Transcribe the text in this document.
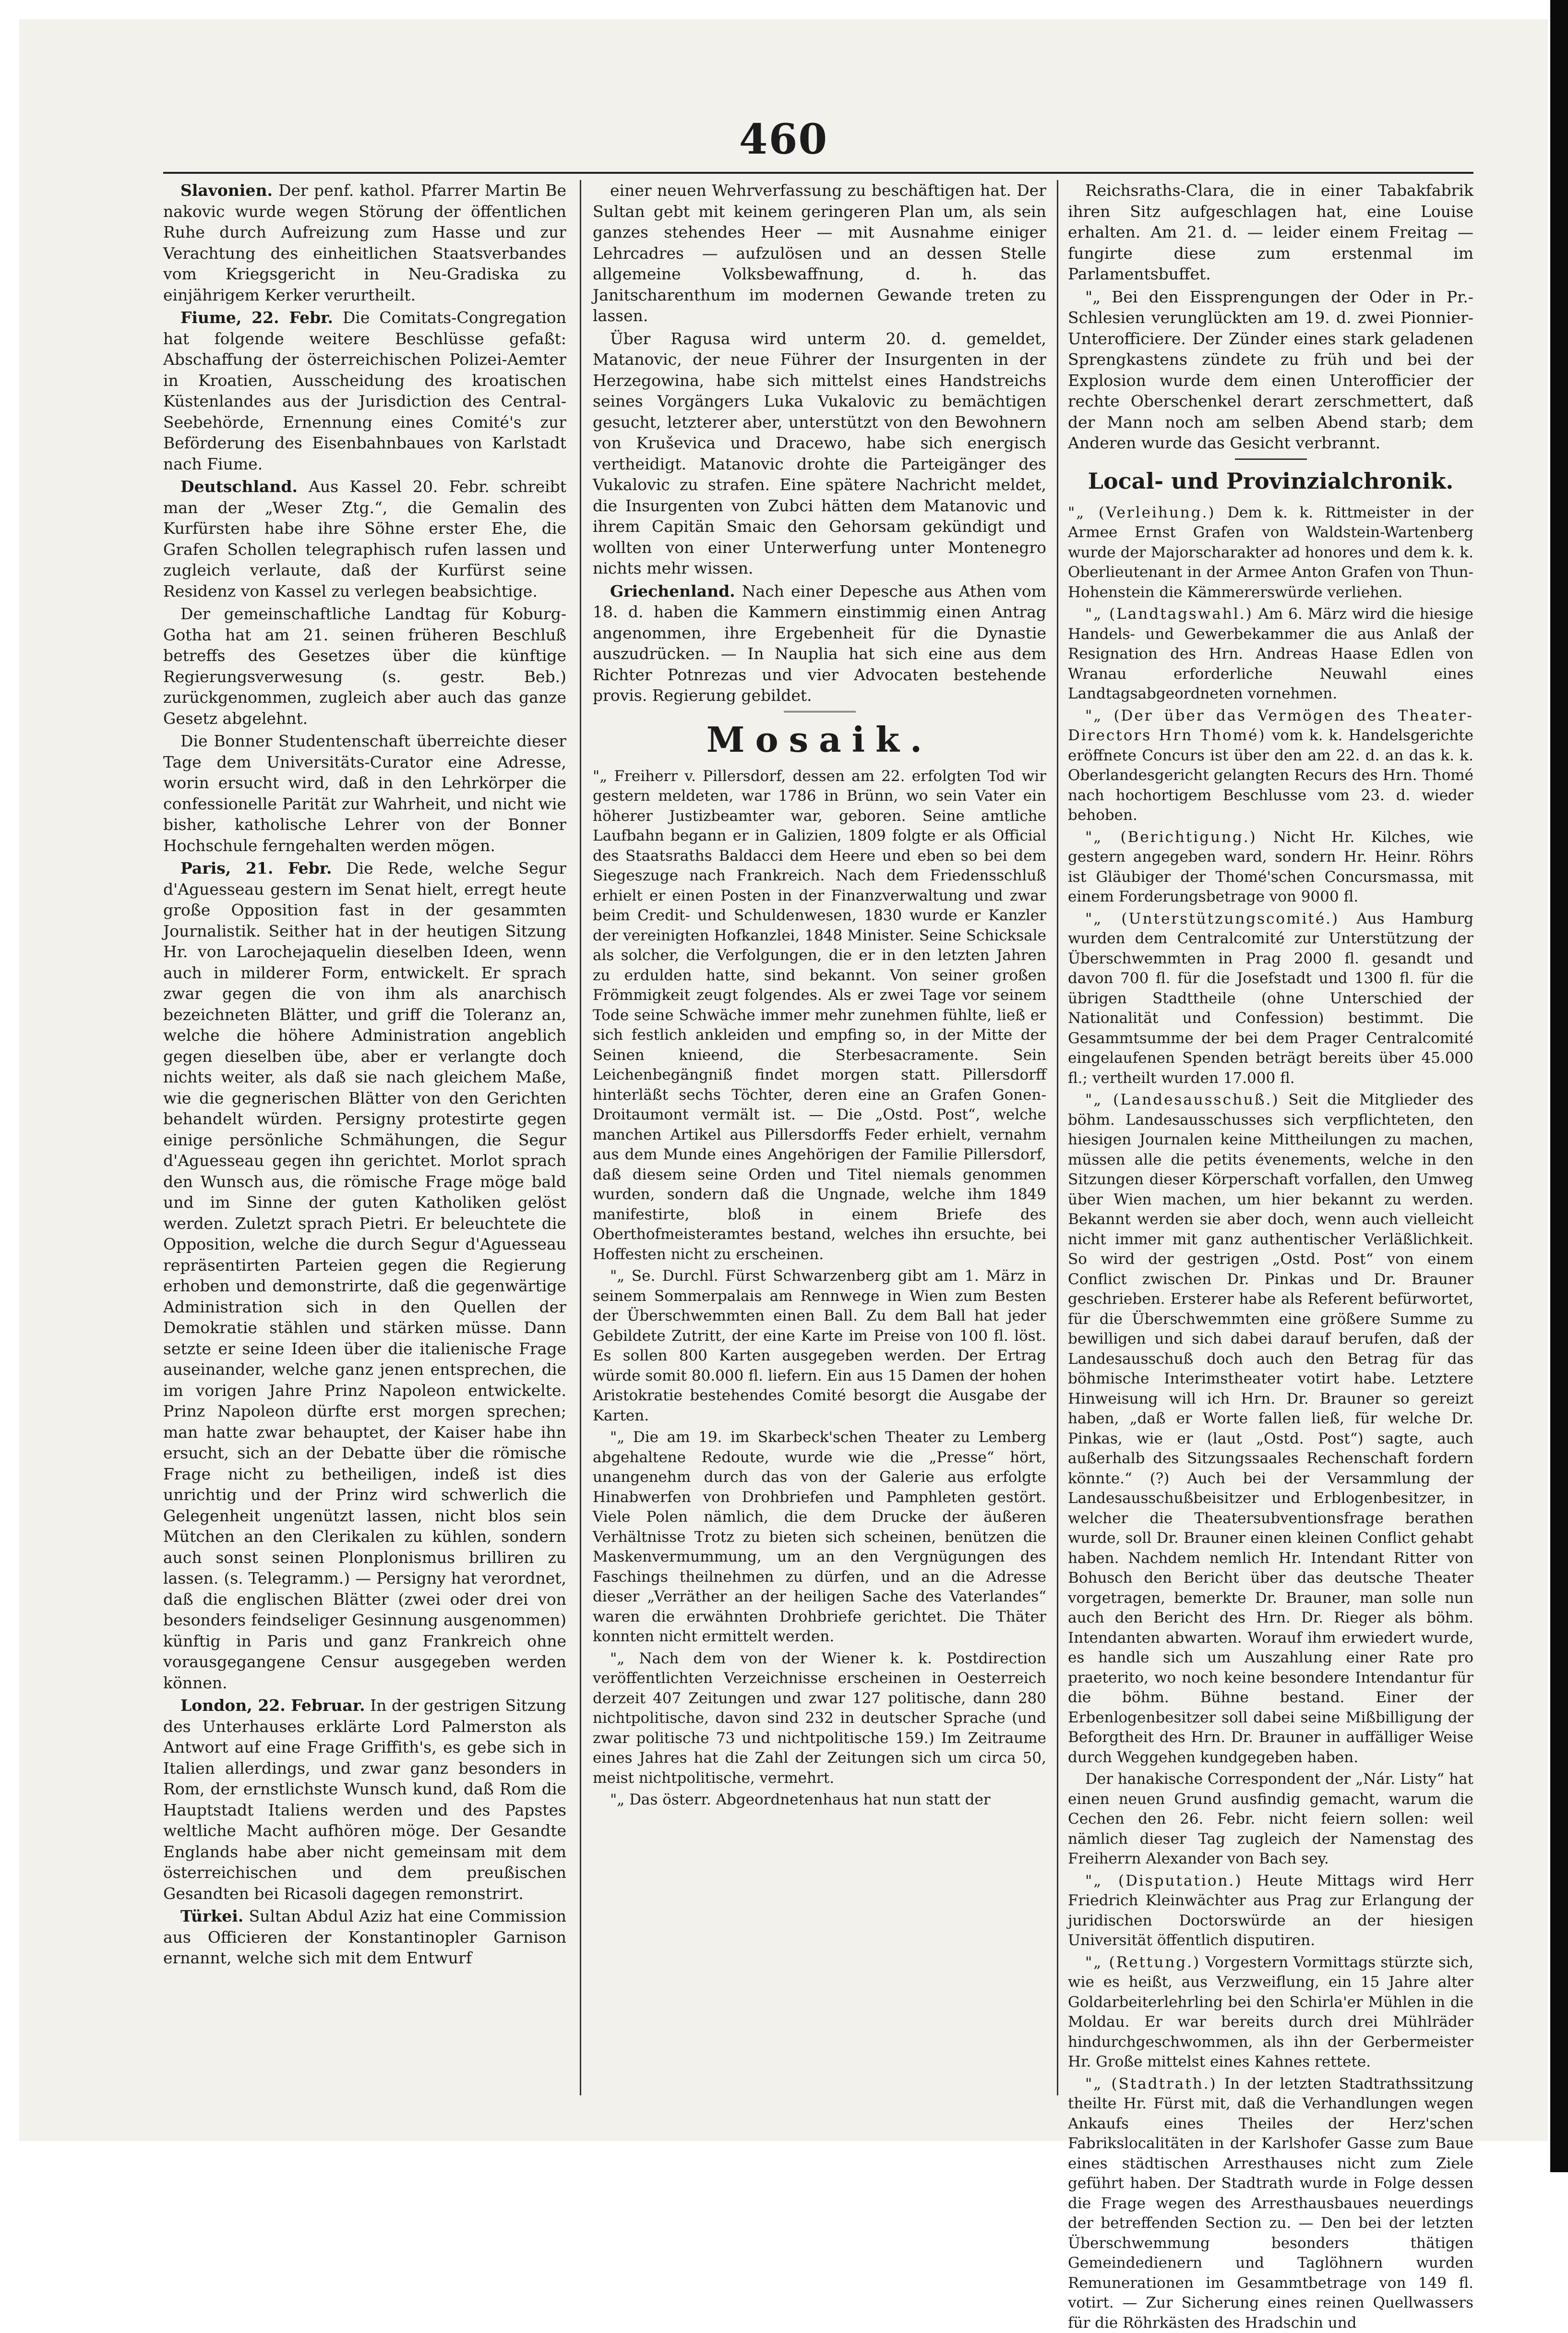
460

Slavonien. Der penf. kathol. Pfarrer Martin Be nakovic wurde wegen Störung der öffentlichen Ruhe durch Aufreizung zum Hasse und zur Verachtung des einheitlichen Staatsverbandes vom Kriegsgericht in Neu-Gradiska zu einjährigem Kerker verurtheilt.

Fiume, 22. Febr. Die Comitats-Congregation hat folgende weitere Beschlüsse gefaßt: Abschaffung der österreichischen Polizei-Aemter in Kroatien, Ausscheidung des kroatischen Küstenlandes aus der Jurisdiction des Central-Seebehörde, Ernennung eines Comité's zur Beförderung des Eisenbahnbaues von Karlstadt nach Fiume.

Deutschland. Aus Kassel 20. Febr. schreibt man der „Weser Ztg.“, die Gemalin des Kurfürsten habe ihre Söhne erster Ehe, die Grafen Schollen telegraphisch rufen lassen und zugleich verlaute, daß der Kurfürst seine Residenz von Kassel zu verlegen beabsichtige.

Der gemeinschaftliche Landtag für Koburg-Gotha hat am 21. seinen früheren Beschluß betreffs des Gesetzes über die künftige Regierungsverwesung (s. gestr. Beb.) zurückgenommen, zugleich aber auch das ganze Gesetz abgelehnt.

Die Bonner Studentenschaft überreichte dieser Tage dem Universitäts-Curator eine Adresse, worin ersucht wird, daß in den Lehrkörper die confessionelle Parität zur Wahrheit, und nicht wie bisher, katholische Lehrer von der Bonner Hochschule ferngehalten werden mögen.

Paris, 21. Febr. Die Rede, welche Segur d'Aguesseau gestern im Senat hielt, erregt heute große Opposition fast in der gesammten Journalistik. Seither hat in der heutigen Sitzung Hr. von Larochejaquelin dieselben Ideen, wenn auch in milderer Form, entwickelt. Er sprach zwar gegen die von ihm als anarchisch bezeichneten Blätter, und griff die Toleranz an, welche die höhere Administration angeblich gegen dieselben übe, aber er verlangte doch nichts weiter, als daß sie nach gleichem Maße, wie die gegnerischen Blätter von den Gerichten behandelt würden. Persigny protestirte gegen einige persönliche Schmähungen, die Segur d'Aguesseau gegen ihn gerichtet. Morlot sprach den Wunsch aus, die römische Frage möge bald und im Sinne der guten Katholiken gelöst werden. Zuletzt sprach Pietri. Er beleuchtete die Opposition, welche die durch Segur d'Aguesseau repräsentirten Parteien gegen die Regierung erhoben und demonstrirte, daß die gegenwärtige Administration sich in den Quellen der Demokratie stählen und stärken müsse. Dann setzte er seine Ideen über die italienische Frage auseinander, welche ganz jenen entsprechen, die im vorigen Jahre Prinz Napoleon entwickelte. Prinz Napoleon dürfte erst morgen sprechen; man hatte zwar behauptet, der Kaiser habe ihn ersucht, sich an der Debatte über die römische Frage nicht zu betheiligen, indeß ist dies unrichtig und der Prinz wird schwerlich die Gelegenheit ungenützt lassen, nicht blos sein Mütchen an den Clerikalen zu kühlen, sondern auch sonst seinen Plonplonismus brilliren zu lassen. (s. Telegramm.) — Persigny hat verordnet, daß die englischen Blätter (zwei oder drei von besonders feindseliger Gesinnung ausgenommen) künftig in Paris und ganz Frankreich ohne vorausgegangene Censur ausgegeben werden können.

London, 22. Februar. In der gestrigen Sitzung des Unterhauses erklärte Lord Palmerston als Antwort auf eine Frage Griffith's, es gebe sich in Italien allerdings, und zwar ganz besonders in Rom, der ernstlichste Wunsch kund, daß Rom die Hauptstadt Italiens werden und des Papstes weltliche Macht aufhören möge. Der Gesandte Englands habe aber nicht gemeinsam mit dem österreichischen und dem preußischen Gesandten bei Ricasoli dagegen remonstrirt.

Türkei. Sultan Abdul Aziz hat eine Commission aus Officieren der Konstantinopler Garnison ernannt, welche sich mit dem Entwurf

einer neuen Wehrverfassung zu beschäftigen hat. Der Sultan gebt mit keinem geringeren Plan um, als sein ganzes stehendes Heer — mit Ausnahme einiger Lehrcadres — aufzulösen und an dessen Stelle allgemeine Volksbewaffnung, d. h. das Janitscharenthum im modernen Gewande treten zu lassen.

Über Ragusa wird unterm 20. d. gemeldet, Matanovic, der neue Führer der Insurgenten in der Herzegowina, habe sich mittelst eines Handstreichs seines Vorgängers Luka Vukalovic zu bemächtigen gesucht, letzterer aber, unterstützt von den Bewohnern von Kruševica und Dracewo, habe sich energisch vertheidigt. Matanovic drohte die Parteigänger des Vukalovic zu strafen. Eine spätere Nachricht meldet, die Insurgenten von Zubci hätten dem Matanovic und ihrem Capitän Smaic den Gehorsam gekündigt und wollten von einer Unterwerfung unter Montenegro nichts mehr wissen.

Griechenland. Nach einer Depesche aus Athen vom 18. d. haben die Kammern einstimmig einen Antrag angenommen, ihre Ergebenheit für die Dynastie auszudrücken. — In Nauplia hat sich eine aus dem Richter Potnrezas und vier Advocaten bestehende provis. Regierung gebildet.

Mosaik.

"„ Freiherr v. Pillersdorf, dessen am 22. erfolgten Tod wir gestern meldeten, war 1786 in Brünn, wo sein Vater ein höherer Justizbeamter war, geboren. Seine amtliche Laufbahn begann er in Galizien, 1809 folgte er als Official des Staatsraths Baldacci dem Heere und eben so bei dem Siegeszuge nach Frankreich. Nach dem Friedensschluß erhielt er einen Posten in der Finanzverwaltung und zwar beim Credit- und Schuldenwesen, 1830 wurde er Kanzler der vereinigten Hofkanzlei, 1848 Minister. Seine Schicksale als solcher, die Verfolgungen, die er in den letzten Jahren zu erdulden hatte, sind bekannt. Von seiner großen Frömmigkeit zeugt folgendes. Als er zwei Tage vor seinem Tode seine Schwäche immer mehr zunehmen fühlte, ließ er sich festlich ankleiden und empfing so, in der Mitte der Seinen knieend, die Sterbesacramente. Sein Leichenbegängniß findet morgen statt. Pillersdorff hinterläßt sechs Töchter, deren eine an Grafen Gonen-Droitaumont vermält ist. — Die „Ostd. Post“, welche manchen Artikel aus Pillersdorffs Feder erhielt, vernahm aus dem Munde eines Angehörigen der Familie Pillersdorf, daß diesem seine Orden und Titel niemals genommen wurden, sondern daß die Ungnade, welche ihm 1849 manifestirte, bloß in einem Briefe des Oberthofmeisteramtes bestand, welches ihn ersuchte, bei Hoffesten nicht zu erscheinen.

"„ Se. Durchl. Fürst Schwarzenberg gibt am 1. März in seinem Sommerpalais am Rennwege in Wien zum Besten der Überschwemmten einen Ball. Zu dem Ball hat jeder Gebildete Zutritt, der eine Karte im Preise von 100 fl. löst. Es sollen 800 Karten ausgegeben werden. Der Ertrag würde somit 80.000 fl. liefern. Ein aus 15 Damen der hohen Aristokratie bestehendes Comité besorgt die Ausgabe der Karten.

"„ Die am 19. im Skarbeck'schen Theater zu Lemberg abgehaltene Redoute, wurde wie die „Presse“ hört, unangenehm durch das von der Galerie aus erfolgte Hinabwerfen von Drohbriefen und Pamphleten gestört. Viele Polen nämlich, die dem Drucke der äußeren Verhältnisse Trotz zu bieten sich scheinen, benützen die Maskenvermummung, um an den Vergnügungen des Faschings theilnehmen zu dürfen, und an die Adresse dieser „Verräther an der heiligen Sache des Vaterlandes“ waren die erwähnten Drohbriefe gerichtet. Die Thäter konnten nicht ermittelt werden.

"„ Nach dem von der Wiener k. k. Postdirection veröffentlichten Verzeichnisse erscheinen in Oesterreich derzeit 407 Zeitungen und zwar 127 politische, dann 280 nichtpolitische, davon sind 232 in deutscher Sprache (und zwar politische 73 und nichtpolitische 159.) Im Zeitraume eines Jahres hat die Zahl der Zeitungen sich um circa 50, meist nichtpolitische, vermehrt.

"„ Das österr. Abgeordnetenhaus hat nun statt der

Reichsraths-Clara, die in einer Tabakfabrik ihren Sitz aufgeschlagen hat, eine Louise erhalten. Am 21. d. — leider einem Freitag — fungirte diese zum erstenmal im Parlamentsbuffet.

"„ Bei den Eissprengungen der Oder in Pr.-Schlesien verunglückten am 19. d. zwei Pionnier-Unterofficiere. Der Zünder eines stark geladenen Sprengkastens zündete zu früh und bei der Explosion wurde dem einen Unterofficier der rechte Oberschenkel derart zerschmettert, daß der Mann noch am selben Abend starb; dem Anderen wurde das Gesicht verbrannt.

Local- und Provinzialchronik.

"„ (Verleihung.) Dem k. k. Rittmeister in der Armee Ernst Grafen von Waldstein-Wartenberg wurde der Majorscharakter ad honores und dem k. k. Oberlieutenant in der Armee Anton Grafen von Thun-Hohenstein die Kämmererswürde verliehen.

"„ (Landtagswahl.) Am 6. März wird die hiesige Handels- und Gewerbekammer die aus Anlaß der Resignation des Hrn. Andreas Haase Edlen von Wranau erforderliche Neuwahl eines Landtagsabgeordneten vornehmen.

"„ (Der über das Vermögen des Theater-Directors Hrn Thomé) vom k. k. Handelsgerichte eröffnete Concurs ist über den am 22. d. an das k. k. Oberlandesgericht gelangten Recurs des Hrn. Thomé nach hochortigem Beschlusse vom 23. d. wieder behoben.

"„ (Berichtigung.) Nicht Hr. Kilches, wie gestern angegeben ward, sondern Hr. Heinr. Röhrs ist Gläubiger der Thomé'schen Concursmassa, mit einem Forderungsbetrage von 9000 fl.

"„ (Unterstützungscomité.) Aus Hamburg wurden dem Centralcomité zur Unterstützung der Überschwemmten in Prag 2000 fl. gesandt und davon 700 fl. für die Josefstadt und 1300 fl. für die übrigen Stadttheile (ohne Unterschied der Nationalität und Confession) bestimmt. Die Gesammtsumme der bei dem Prager Centralcomité eingelaufenen Spenden beträgt bereits über 45.000 fl.; vertheilt wurden 17.000 fl.

"„ (Landesausschuß.) Seit die Mitglieder des böhm. Landesausschusses sich verpflichteten, den hiesigen Journalen keine Mittheilungen zu machen, müssen alle die petits évenements, welche in den Sitzungen dieser Körperschaft vorfallen, den Umweg über Wien machen, um hier bekannt zu werden. Bekannt werden sie aber doch, wenn auch vielleicht nicht immer mit ganz authentischer Verläßlichkeit. So wird der gestrigen „Ostd. Post“ von einem Conflict zwischen Dr. Pinkas und Dr. Brauner geschrieben. Ersterer habe als Referent befürwortet, für die Überschwemmten eine größere Summe zu bewilligen und sich dabei darauf berufen, daß der Landesausschuß doch auch den Betrag für das böhmische Interimstheater votirt habe. Letztere Hinweisung will ich Hrn. Dr. Brauner so gereizt haben, „daß er Worte fallen ließ, für welche Dr. Pinkas, wie er (laut „Ostd. Post“) sagte, auch außerhalb des Sitzungssaales Rechenschaft fordern könnte.“ (?) Auch bei der Versammlung der Landesausschußbeisitzer und Erblogenbesitzer, in welcher die Theatersubventionsfrage berathen wurde, soll Dr. Brauner einen kleinen Conflict gehabt haben. Nachdem nemlich Hr. Intendant Ritter von Bohusch den Bericht über das deutsche Theater vorgetragen, bemerkte Dr. Brauner, man solle nun auch den Bericht des Hrn. Dr. Rieger als böhm. Intendanten abwarten. Worauf ihm erwiedert wurde, es handle sich um Auszahlung einer Rate pro praeterito, wo noch keine besondere Intendantur für die böhm. Bühne bestand. Einer der Erbenlogenbesitzer soll dabei seine Mißbilligung der Beforgtheit des Hrn. Dr. Brauner in auffälliger Weise durch Weggehen kundgegeben haben.

Der hanakische Correspondent der „Nár. Listy“ hat einen neuen Grund ausfindig gemacht, warum die Cechen den 26. Febr. nicht feiern sollen: weil nämlich dieser Tag zugleich der Namenstag des Freiherrn Alexander von Bach sey.

"„ (Disputation.) Heute Mittags wird Herr Friedrich Kleinwächter aus Prag zur Erlangung der juridischen Doctorswürde an der hiesigen Universität öffentlich disputiren.

"„ (Rettung.) Vorgestern Vormittags stürzte sich, wie es heißt, aus Verzweiflung, ein 15 Jahre alter Goldarbeiterlehrling bei den Schirla'er Mühlen in die Moldau. Er war bereits durch drei Mühlräder hindurchgeschwommen, als ihn der Gerbermeister Hr. Große mittelst eines Kahnes rettete.

"„ (Stadtrath.) In der letzten Stadtrathssitzung theilte Hr. Fürst mit, daß die Verhandlungen wegen Ankaufs eines Theiles der Herz'schen Fabrikslocalitäten in der Karlshofer Gasse zum Baue eines städtischen Arresthauses nicht zum Ziele geführt haben. Der Stadtrath wurde in Folge dessen die Frage wegen des Arresthausbaues neuerdings der betreffenden Section zu. — Den bei der letzten Überschwemmung besonders thätigen Gemeindedienern und Taglöhnern wurden Remunerationen im Gesammtbetrage von 149 fl. votirt. — Zur Sicherung eines reinen Quellwassers für die Röhrkästen des Hradschin und
